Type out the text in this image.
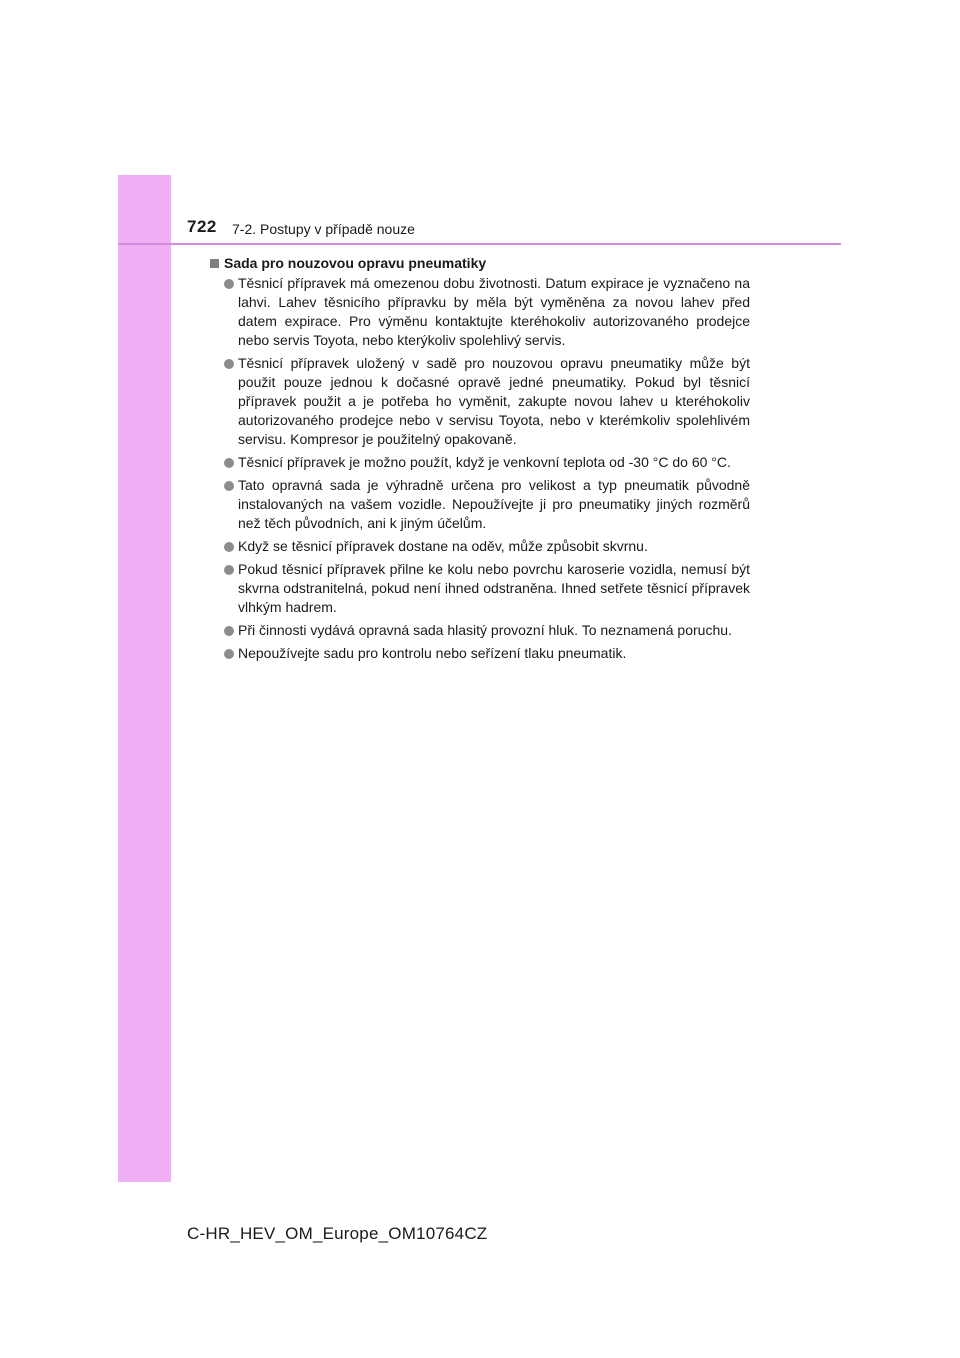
722 7-2. Postupy v případě nouze
Sada pro nouzovou opravu pneumatiky
Těsnicí přípravek má omezenou dobu životnosti. Datum expirace je vyznačeno na lahvi. Lahev těsnicího přípravku by měla být vyměněna za novou lahev před datem expirace. Pro výměnu kontaktujte kteréhokoliv autorizovaného prodejce nebo servis Toyota, nebo kterýkoliv spolehlivý servis.
Těsnicí přípravek uložený v sadě pro nouzovou opravu pneumatiky může být použit pouze jednou k dočasné opravě jedné pneumatiky. Pokud byl těsnicí přípravek použit a je potřeba ho vyměnit, zakupte novou lahev u kteréhokoliv autorizovaného prodejce nebo v servisu Toyota, nebo v kterémkoliv spolehlivém servisu. Kompresor je použitelný opakovaně.
Těsnicí přípravek je možno použít, když je venkovní teplota od -30 °C do 60 °C.
Tato opravná sada je výhradně určena pro velikost a typ pneumatik původně instalovaných na vašem vozidle. Nepoužívejte ji pro pneumatiky jiných rozměrů než těch původních, ani k jiným účelům.
Když se těsnicí přípravek dostane na oděv, může způsobit skvrnu.
Pokud těsnicí přípravek přilne ke kolu nebo povrchu karoserie vozidla, nemusí být skvrna odstranitelná, pokud není ihned odstraněna. Ihned setřete těsnicí přípravek vlhkým hadrem.
Při činnosti vydává opravná sada hlasitý provozní hluk. To neznamená poruchu.
Nepoužívejte sadu pro kontrolu nebo seřízení tlaku pneumatik.
C-HR_HEV_OM_Europe_OM10764CZ
